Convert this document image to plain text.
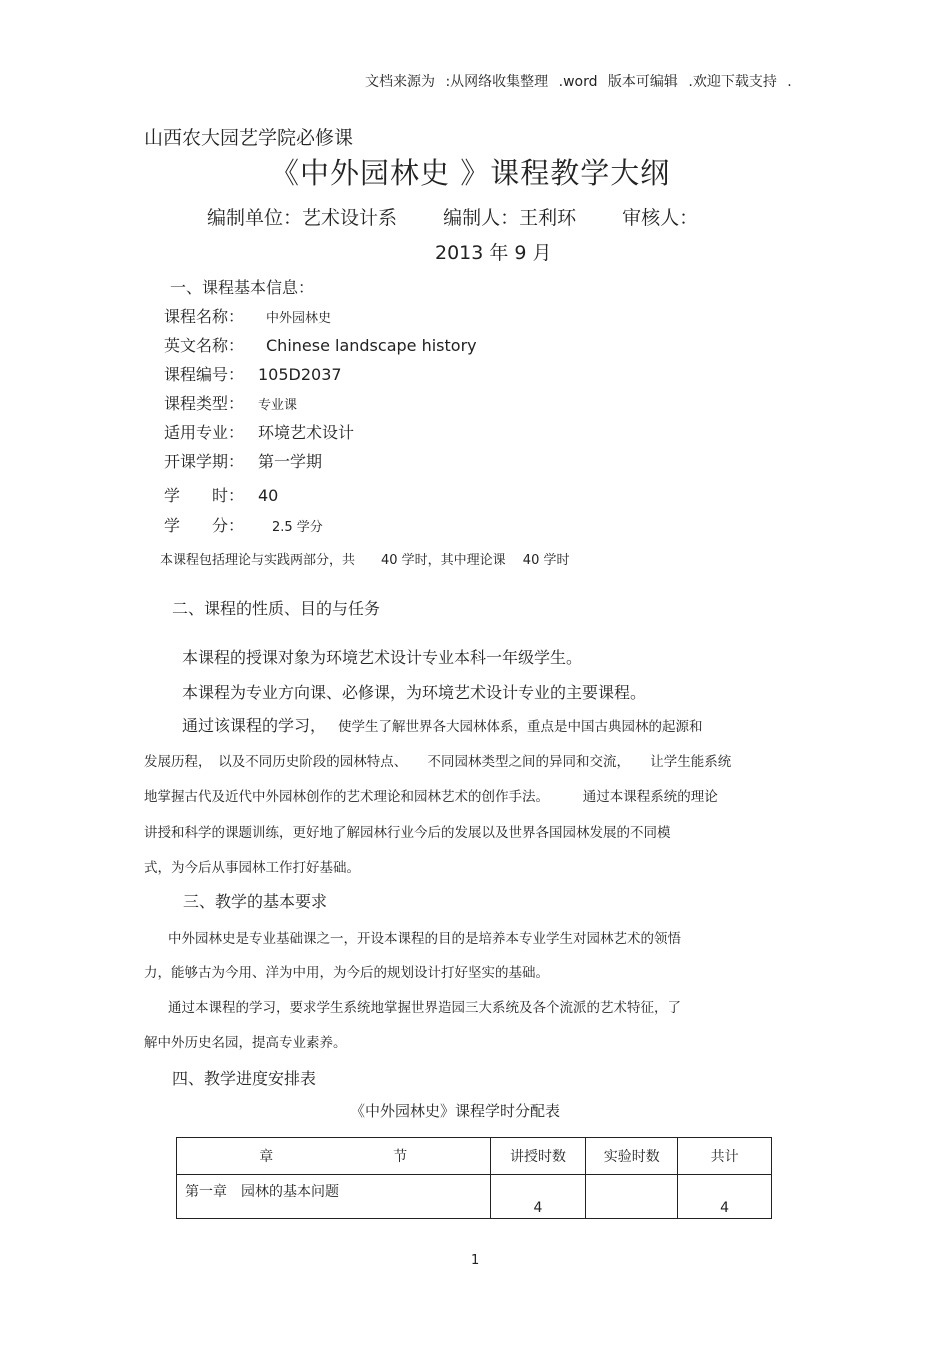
文档来源为 :从网络收集整理 .word 版本可编辑 .欢迎下载支持 .
山西农大园艺学院必修课
《中外园林史 》课程教学大纲
编制单位：艺术设计系 编制人：王利环 审核人：
2013 年 9 月
一、课程基本信息：
课程名称： 中外园林史
英文名称： Chinese landscape history
课程编号： 105D2037
课程类型： 专业课
适用专业： 环境艺术设计
开课学期： 第一学期
学　　时： 40
学　　分： 2.5 学分
本课程包括理论与实践两部分，共　　40 学时，其中理论课　 40 学时
二、课程的性质、目的与任务
本课程的授课对象为环境艺术设计专业本科一年级学生。
本课程为专业方向课、必修课，为环境艺术设计专业的主要课程。
通过该课程的学习， 使学生了解世界各大园林体系，重点是中国古典园林的起源和
发展历程，　以及不同历史阶段的园林特点、　　不同园林类型之间的异同和交流，　　让学生能系统
地掌握古代及近代中外园林创作的艺术理论和园林艺术的创作手法。　　　通过本课程系统的理论
讲授和科学的课题训练，更好地了解园林行业今后的发展以及世界各国园林发展的不同模
式，为今后从事园林工作打好基础。
三、教学的基本要求
中外园林史是专业基础课之一，开设本课程的目的是培养本专业学生对园林艺术的领悟
力，能够古为今用、洋为中用，为今后的规划设计打好坚实的基础。
通过本课程的学习，要求学生系统地掌握世界造园三大系统及各个流派的艺术特征，了
解中外历史名园，提高专业素养。
四、教学进度安排表
《中外园林史》课程学时分配表
章 节	讲授时数	实验时数	共计
第一章　园林的基本问题	4		4
1
